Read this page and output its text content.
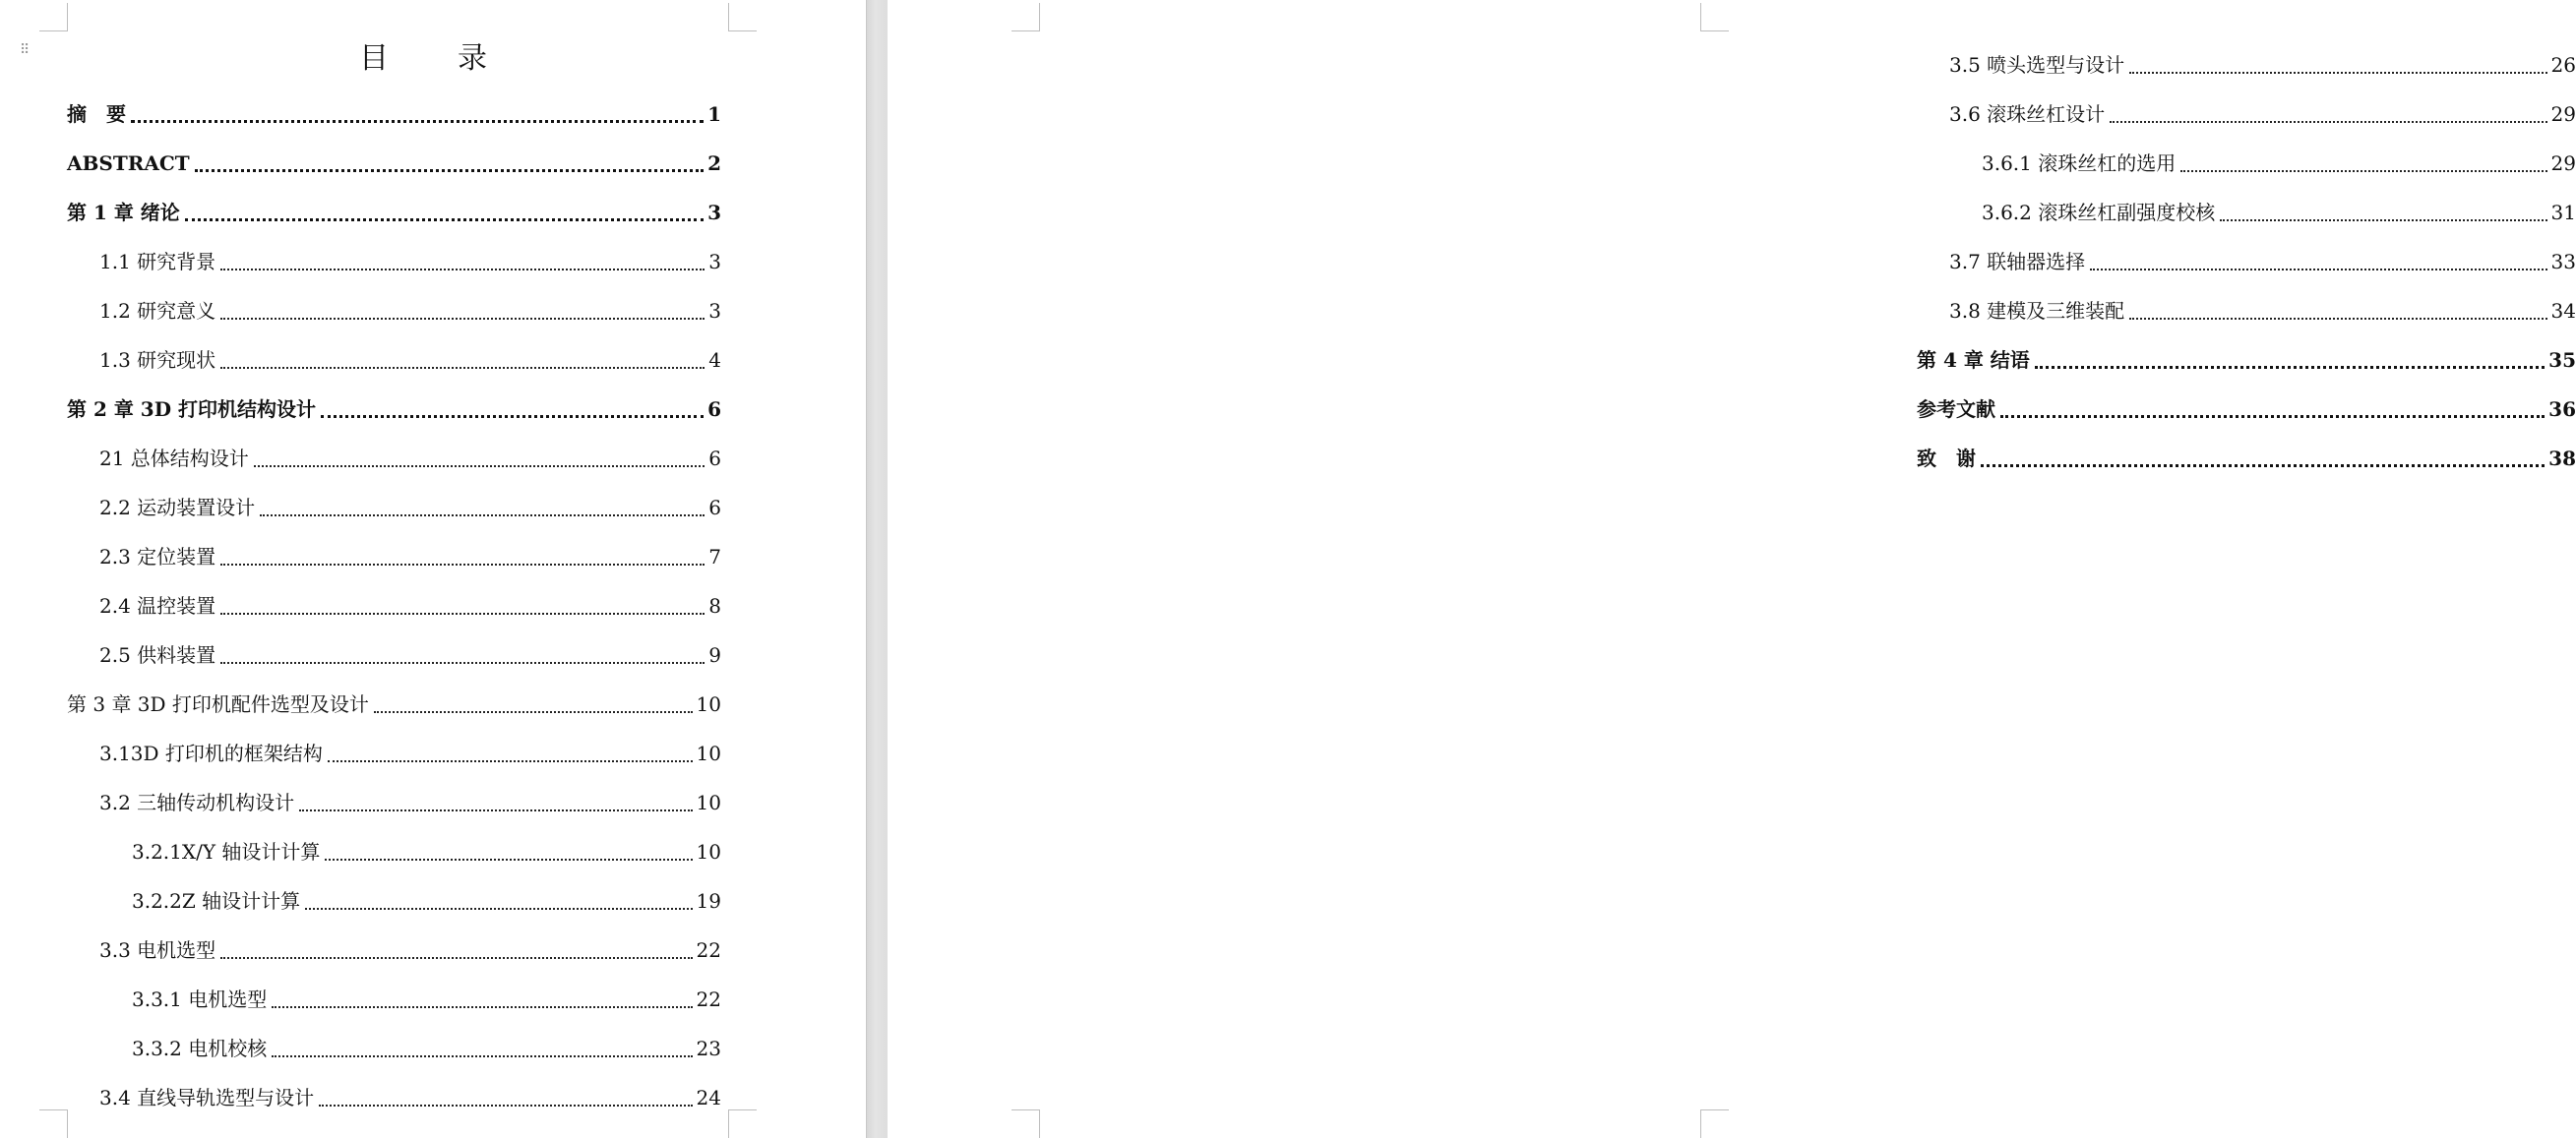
⠿	目　录
摘　要	1
ABSTRACT	2
第 1 章 绪论	3
1.1 研究背景	3
1.2 研究意义	3
1.3 研究现状	4
第 2 章 3D 打印机结构设计	6
21 总体结构设计	6
2.2 运动装置设计	6
2.3 定位装置	7
2.4 温控装置	8
2.5 供料装置	9
第 3 章 3D 打印机配件选型及设计	10
3.13D 打印机的框架结构	10
3.2 三轴传动机构设计	10
3.2.1X/Y 轴设计计算	10
3.2.2Z 轴设计计算	19
3.3 电机选型	22
3.3.1 电机选型	22
3.3.2 电机校核	23
3.4 直线导轨选型与设计	24
3.5 喷头选型与设计	26
3.6 滚珠丝杠设计	29
3.6.1 滚珠丝杠的选用	29
3.6.2 滚珠丝杠副强度校核	31
3.7 联轴器选择	33
3.8 建模及三维装配	34
第 4 章 结语	35
参考文献	36
致　谢	38
